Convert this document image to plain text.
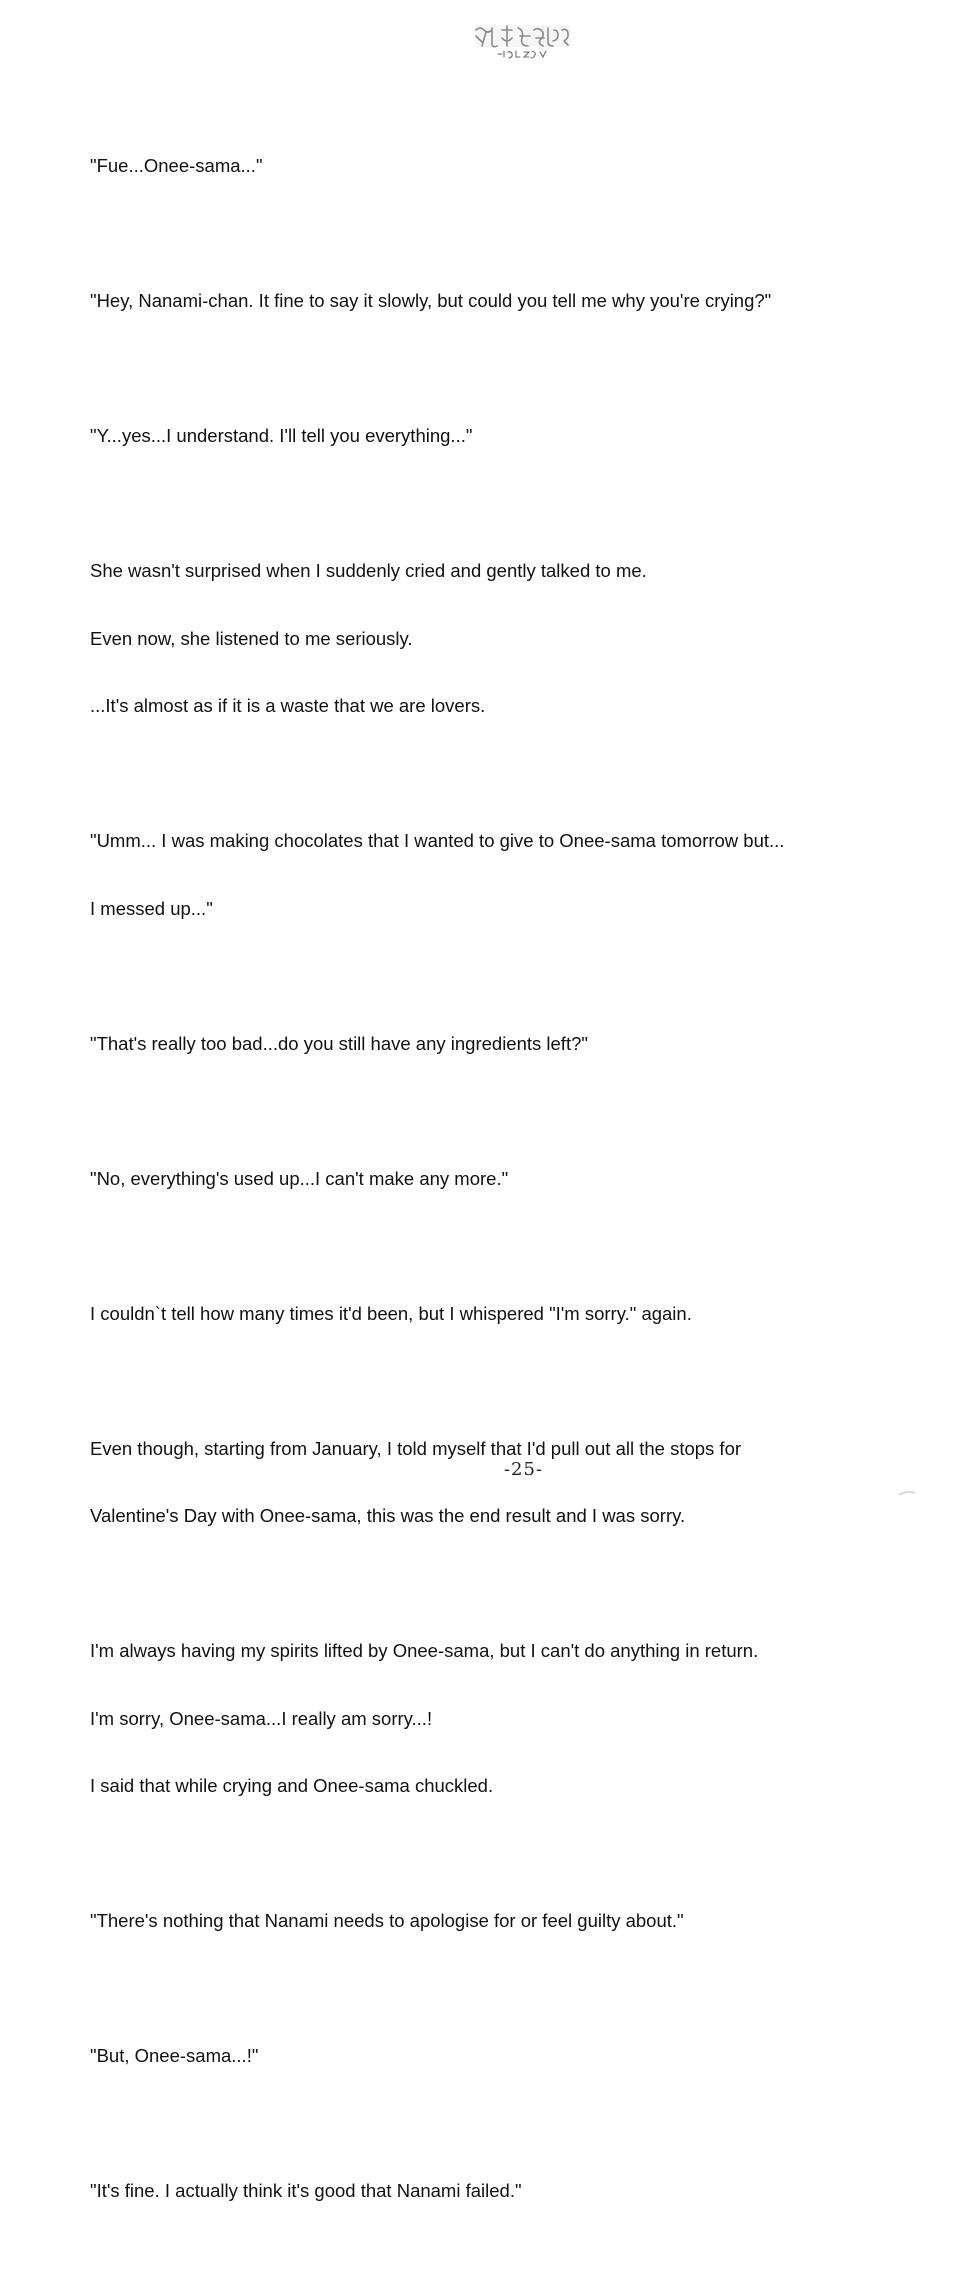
"Fue...Onee-sama..."

"Hey, Nanami-chan. It fine to say it slowly, but could you tell me why you're crying?"

"Y...yes...I understand. I'll tell you everything..."

She wasn't surprised when I suddenly cried and gently talked to me.

Even now, she listened to me seriously.

...It's almost as if it is a waste that we are lovers.

"Umm... I was making chocolates that I wanted to give to Onee-sama tomorrow but...

I messed up..."

"That's really too bad...do you still have any ingredients left?"

"No, everything's used up...I can't make any more."

I couldn`t tell how many times it'd been, but I whispered "I'm sorry." again.

Even though, starting from January, I told myself that I'd pull out all the stops for

Valentine's Day with Onee-sama, this was the end result and I was sorry.

I'm always having my spirits lifted by Onee-sama, but I can't do anything in return.

I'm sorry, Onee-sama...I really am sorry...!

I said that while crying and Onee-sama chuckled.

"There's nothing that Nanami needs to apologise for or feel guilty about."

"But, Onee-sama...!"

"It's fine. I actually think it's good that Nanami failed."

-25-
